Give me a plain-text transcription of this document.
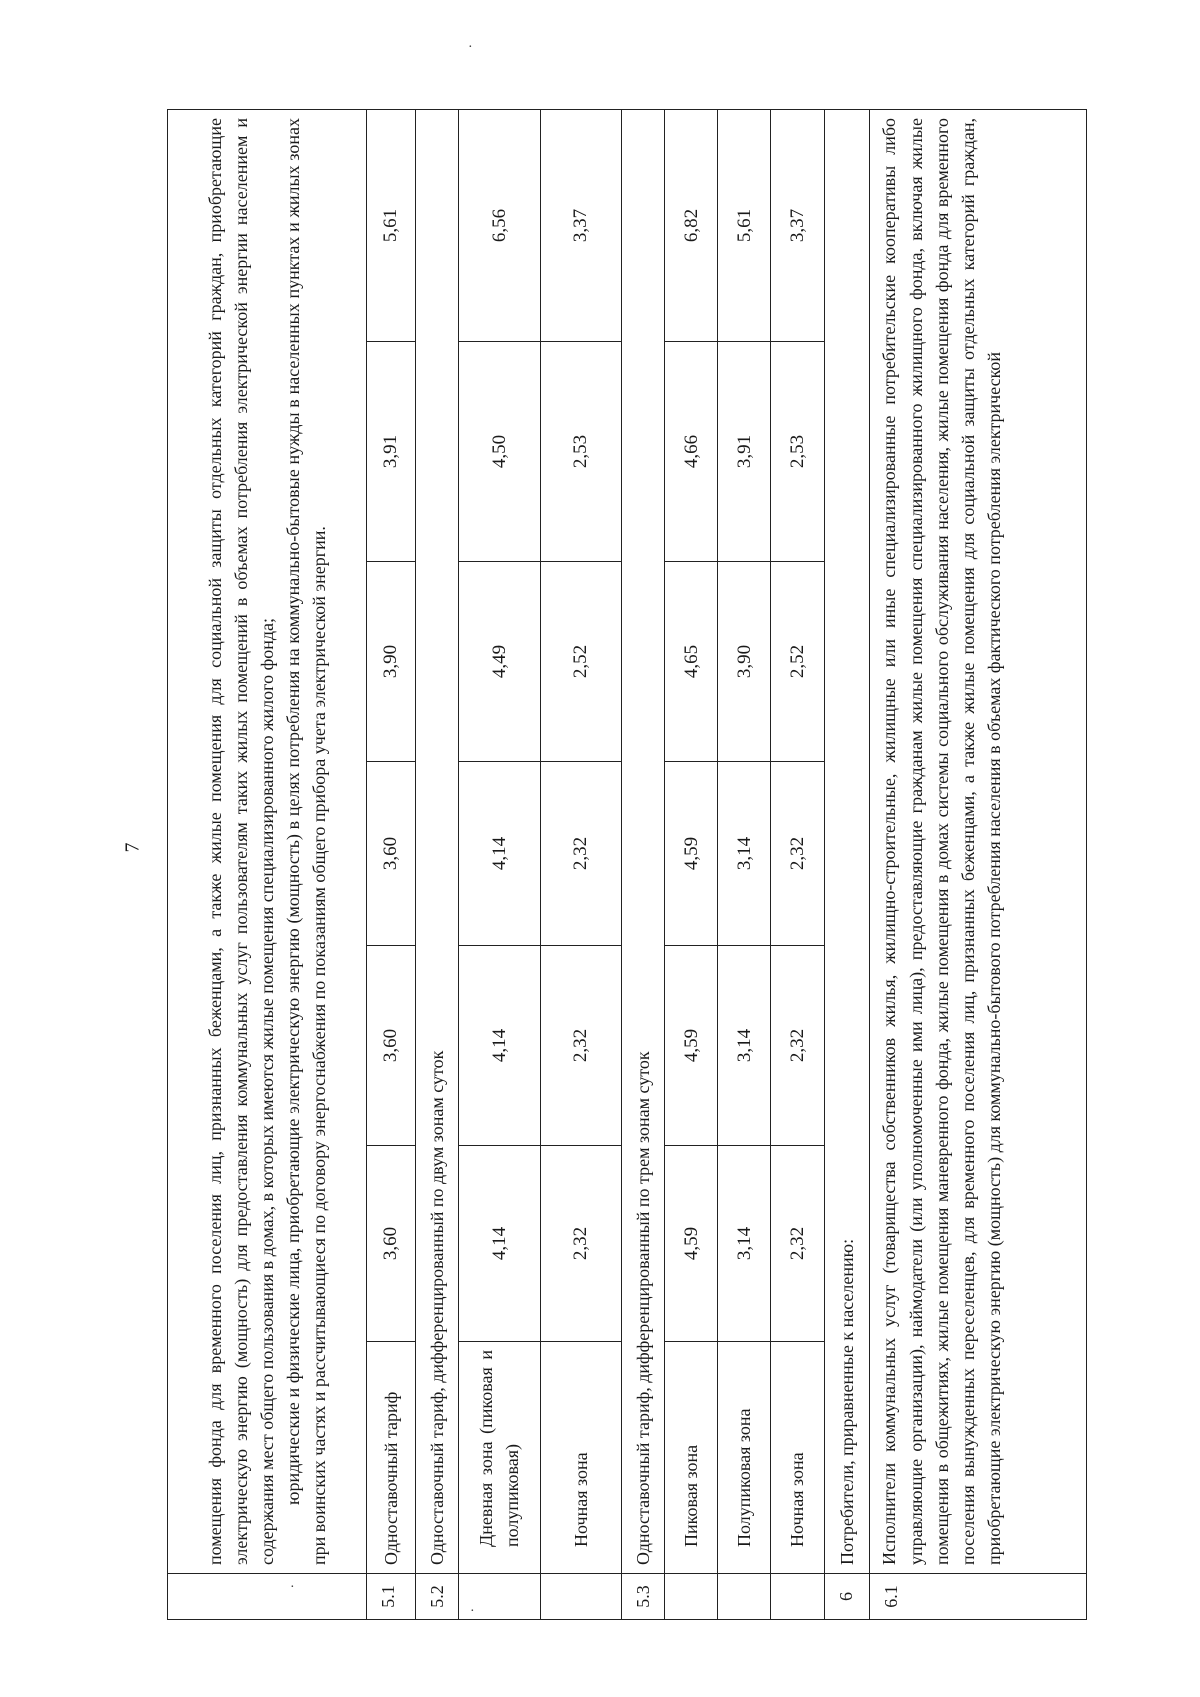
7

	помещения фонда для временного поселения лиц, признанных беженцами, а также жилые помещения для социальной защиты отдельных категорий граждан, приобретающие электрическую энергию (мощность) для предоставления коммунальных услуг пользователям таких жилых помещений в объемах потребления электрической энергии населением и содержания мест общего пользования в домах, в которых имеются жилые помещения специализированного жилого фонда; юридические и физические лица, приобретающие электрическую энергию (мощность) в целях потребления на коммунально-бытовые нужды в населенных пунктах и жилых зонах при воинских частях и рассчитывающиеся по договору энергоснабжения по показаниям общего прибора учета электрической энергии.						

5.1	Одноставочный тариф	3,60	3,60	3,60	3,90	3,91	5,61
5.2	Одноставочный тариф, дифференцированный по двум зонам суток						
	Дневная зона (пиковая и полупиковая)	4,14	4,14	4,14	4,49	4,50	6,56
	Ночная зона	2,32	2,32	2,32	2,52	2,53	3,37
5.3	Одноставочный тариф, дифференцированный по трем зонам суток						
	Пиковая зона	4,59	4,59	4,59	4,65	4,66	6,82
	Полупиковая зона	3,14	3,14	3,14	3,90	3,91	5,61
	Ночная зона	2,32	2,32	2,32	2,52	2,53	3,37
6	Потребители, приравненные к населению:						
6.1	Исполнители коммунальных услуг (товарищества собственников жилья, жилищно-строительные, жилищные или иные специализированные потребительские кооперативы либо управляющие организации), наймодатели (или уполномоченные ими лица), предоставляющие гражданам жилые помещения специализированного жилищного фонда, включая жилые помещения в общежитиях, жилые помещения маневренного фонда, жилые помещения в домах системы социального обслуживания населения, жилые помещения фонда для временного поселения вынужденных переселенцев, для временного поселения лиц, признанных беженцами, а также жилые помещения для социальной защиты отдельных категорий граждан, приобретающие электрическую энергию (мощность) для коммунально-бытового потребления населения в объемах фактического потребления электрической						
·
·
·
